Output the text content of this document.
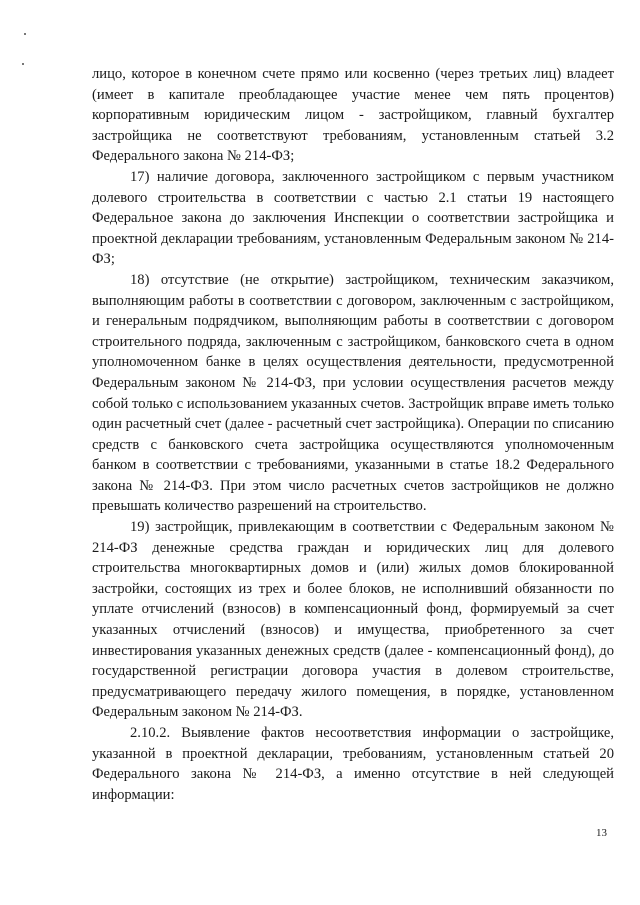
лицо, которое в конечном счете прямо или косвенно (через третьих лиц) владеет (имеет в капитале преобладающее участие менее чем пять процентов) корпоративным юридическим лицом - застройщиком, главный бухгалтер застройщика не соответствуют требованиям, установленным статьей 3.2 Федерального закона № 214-ФЗ;

17) наличие договора, заключенного застройщиком с первым участником долевого строительства в соответствии с частью 2.1 статьи 19 настоящего Федеральное закона до заключения Инспекции о соответствии застройщика и проектной декларации требованиям, установленным Федеральным законом № 214-ФЗ;

18) отсутствие (не открытие) застройщиком, техническим заказчиком, выполняющим работы в соответствии с договором, заключенным с застройщиком, и генеральным подрядчиком, выполняющим работы в соответствии с договором строительного подряда, заключенным с застройщиком, банковского счета в одном уполномоченном банке в целях осуществления деятельности, предусмотренной Федеральным законом № 214-ФЗ, при условии осуществления расчетов между собой только с использованием указанных счетов. Застройщик вправе иметь только один расчетный счет (далее - расчетный счет застройщика). Операции по списанию средств с банковского счета застройщика осуществляются уполномоченным банком в соответствии с требованиями, указанными в статье 18.2 Федерального закона № 214-ФЗ. При этом число расчетных счетов застройщиков не должно превышать количество разрешений на строительство.

19) застройщик, привлекающим в соответствии с Федеральным законом № 214-ФЗ денежные средства граждан и юридических лиц для долевого строительства многоквартирных домов и (или) жилых домов блокированной застройки, состоящих из трех и более блоков, не исполнивший обязанности по уплате отчислений (взносов) в компенсационный фонд, формируемый за счет указанных отчислений (взносов) и имущества, приобретенного за счет инвестирования указанных денежных средств (далее - компенсационный фонд), до государственной регистрации договора участия в долевом строительстве, предусматривающего передачу жилого помещения, в порядке, установленном Федеральным законом № 214-ФЗ.

2.10.2. Выявление фактов несоответствия информации о застройщике, указанной в проектной декларации, требованиям, установленным статьей 20 Федерального закона № 214-ФЗ, а именно отсутствие в ней следующей информации:

13
